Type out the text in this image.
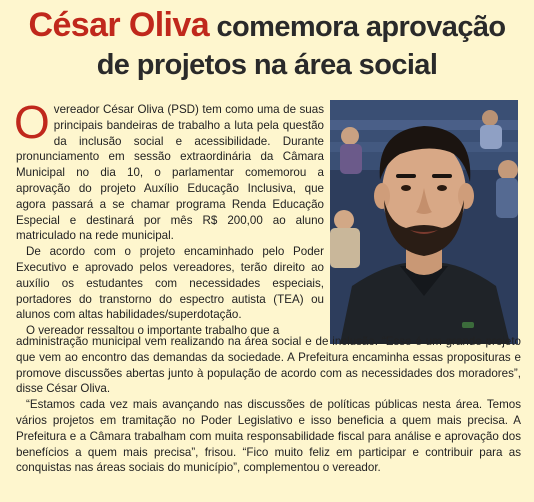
César Oliva comemora aprovação
de projetos na área social

Overeador César Oliva (PSD) tem como uma de suas principais bandeiras de trabalho a luta pela questão da inclusão social e acessibilidade. Durante pronunciamento em sessão extraordinária da Câmara Municipal no dia 10, o parlamentar comemorou a aprovação do projeto Auxílio Educação Inclusiva, que agora passará a se chamar programa Renda Educação Especial e destinará por mês R$ 200,00 ao aluno matriculado na rede municipal.

De acordo com o projeto encaminhado pelo Poder Executivo e aprovado pelos vereadores, terão direito ao auxílio os estudantes com necessidades especiais, portadores do transtorno do espectro autista (TEA) ou alunos com altas habilidades/superdotação.

O vereador ressaltou o importante trabalho que a

administração municipal vem realizando na área social e de inclusão. “Esse é um grande projeto que vem ao encontro das demandas da sociedade. A Prefeitura encaminha essas proposituras e promove discussões abertas junto à população de acordo com as necessidades dos moradores”, disse César Oliva.

“Estamos cada vez mais avançando nas discussões de políticas públicas nesta área. Temos vários projetos em tramitação no Poder Legislativo e isso beneficia a quem mais precisa. A Prefeitura e a Câmara trabalham com muita responsabilidade fiscal para análise e aprovação dos benefícios a quem mais precisa”, frisou. “Fico muito feliz em participar e contribuir para as conquistas nas áreas sociais do município”, complementou o vereador.
